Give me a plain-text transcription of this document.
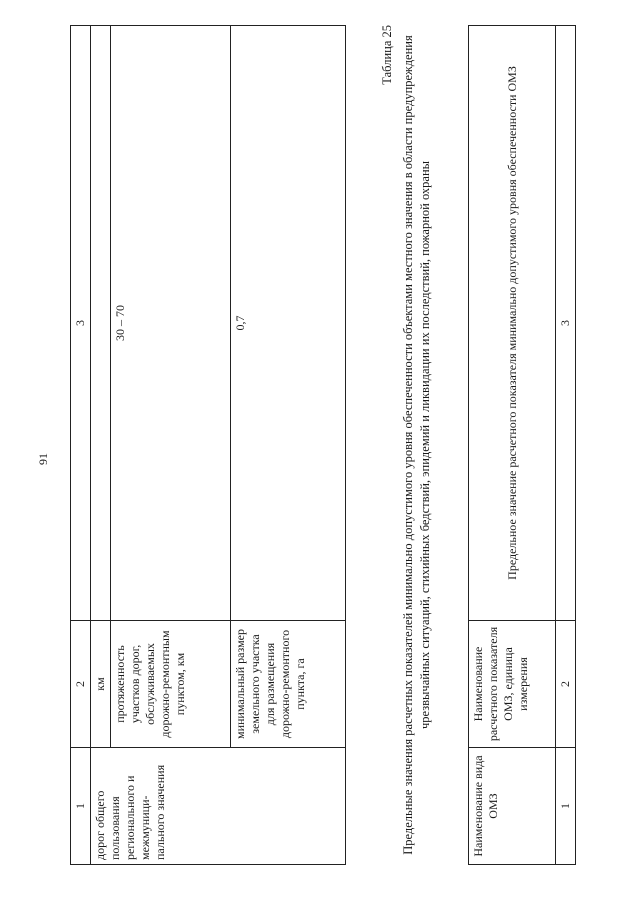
91
1	2	3
дорог общего пользования регионального и межмуници-пального значения	км	
	протяженность участков дорог, обслуживаемых дорожно-ремонтным пунктом, км	30 – 70
	минимальный размер земельного участка для размещения дорожно-ремонтного пункта, га	0,7
Таблица 25 Предельные значения расчетных показателей минимально допустимого уровня обеспеченности объектами местного значения в области предупреждения чрезвычайных ситуаций, стихийных бедствий, эпидемий и ликвидации их последствий, пожарной охраны
Наименование вида ОМЗ	Наименование расчетного показателя ОМЗ, единица измерения	Предельное значение расчетного показателя минимально допустимого уровня обеспеченности ОМЗ
1	2	3
